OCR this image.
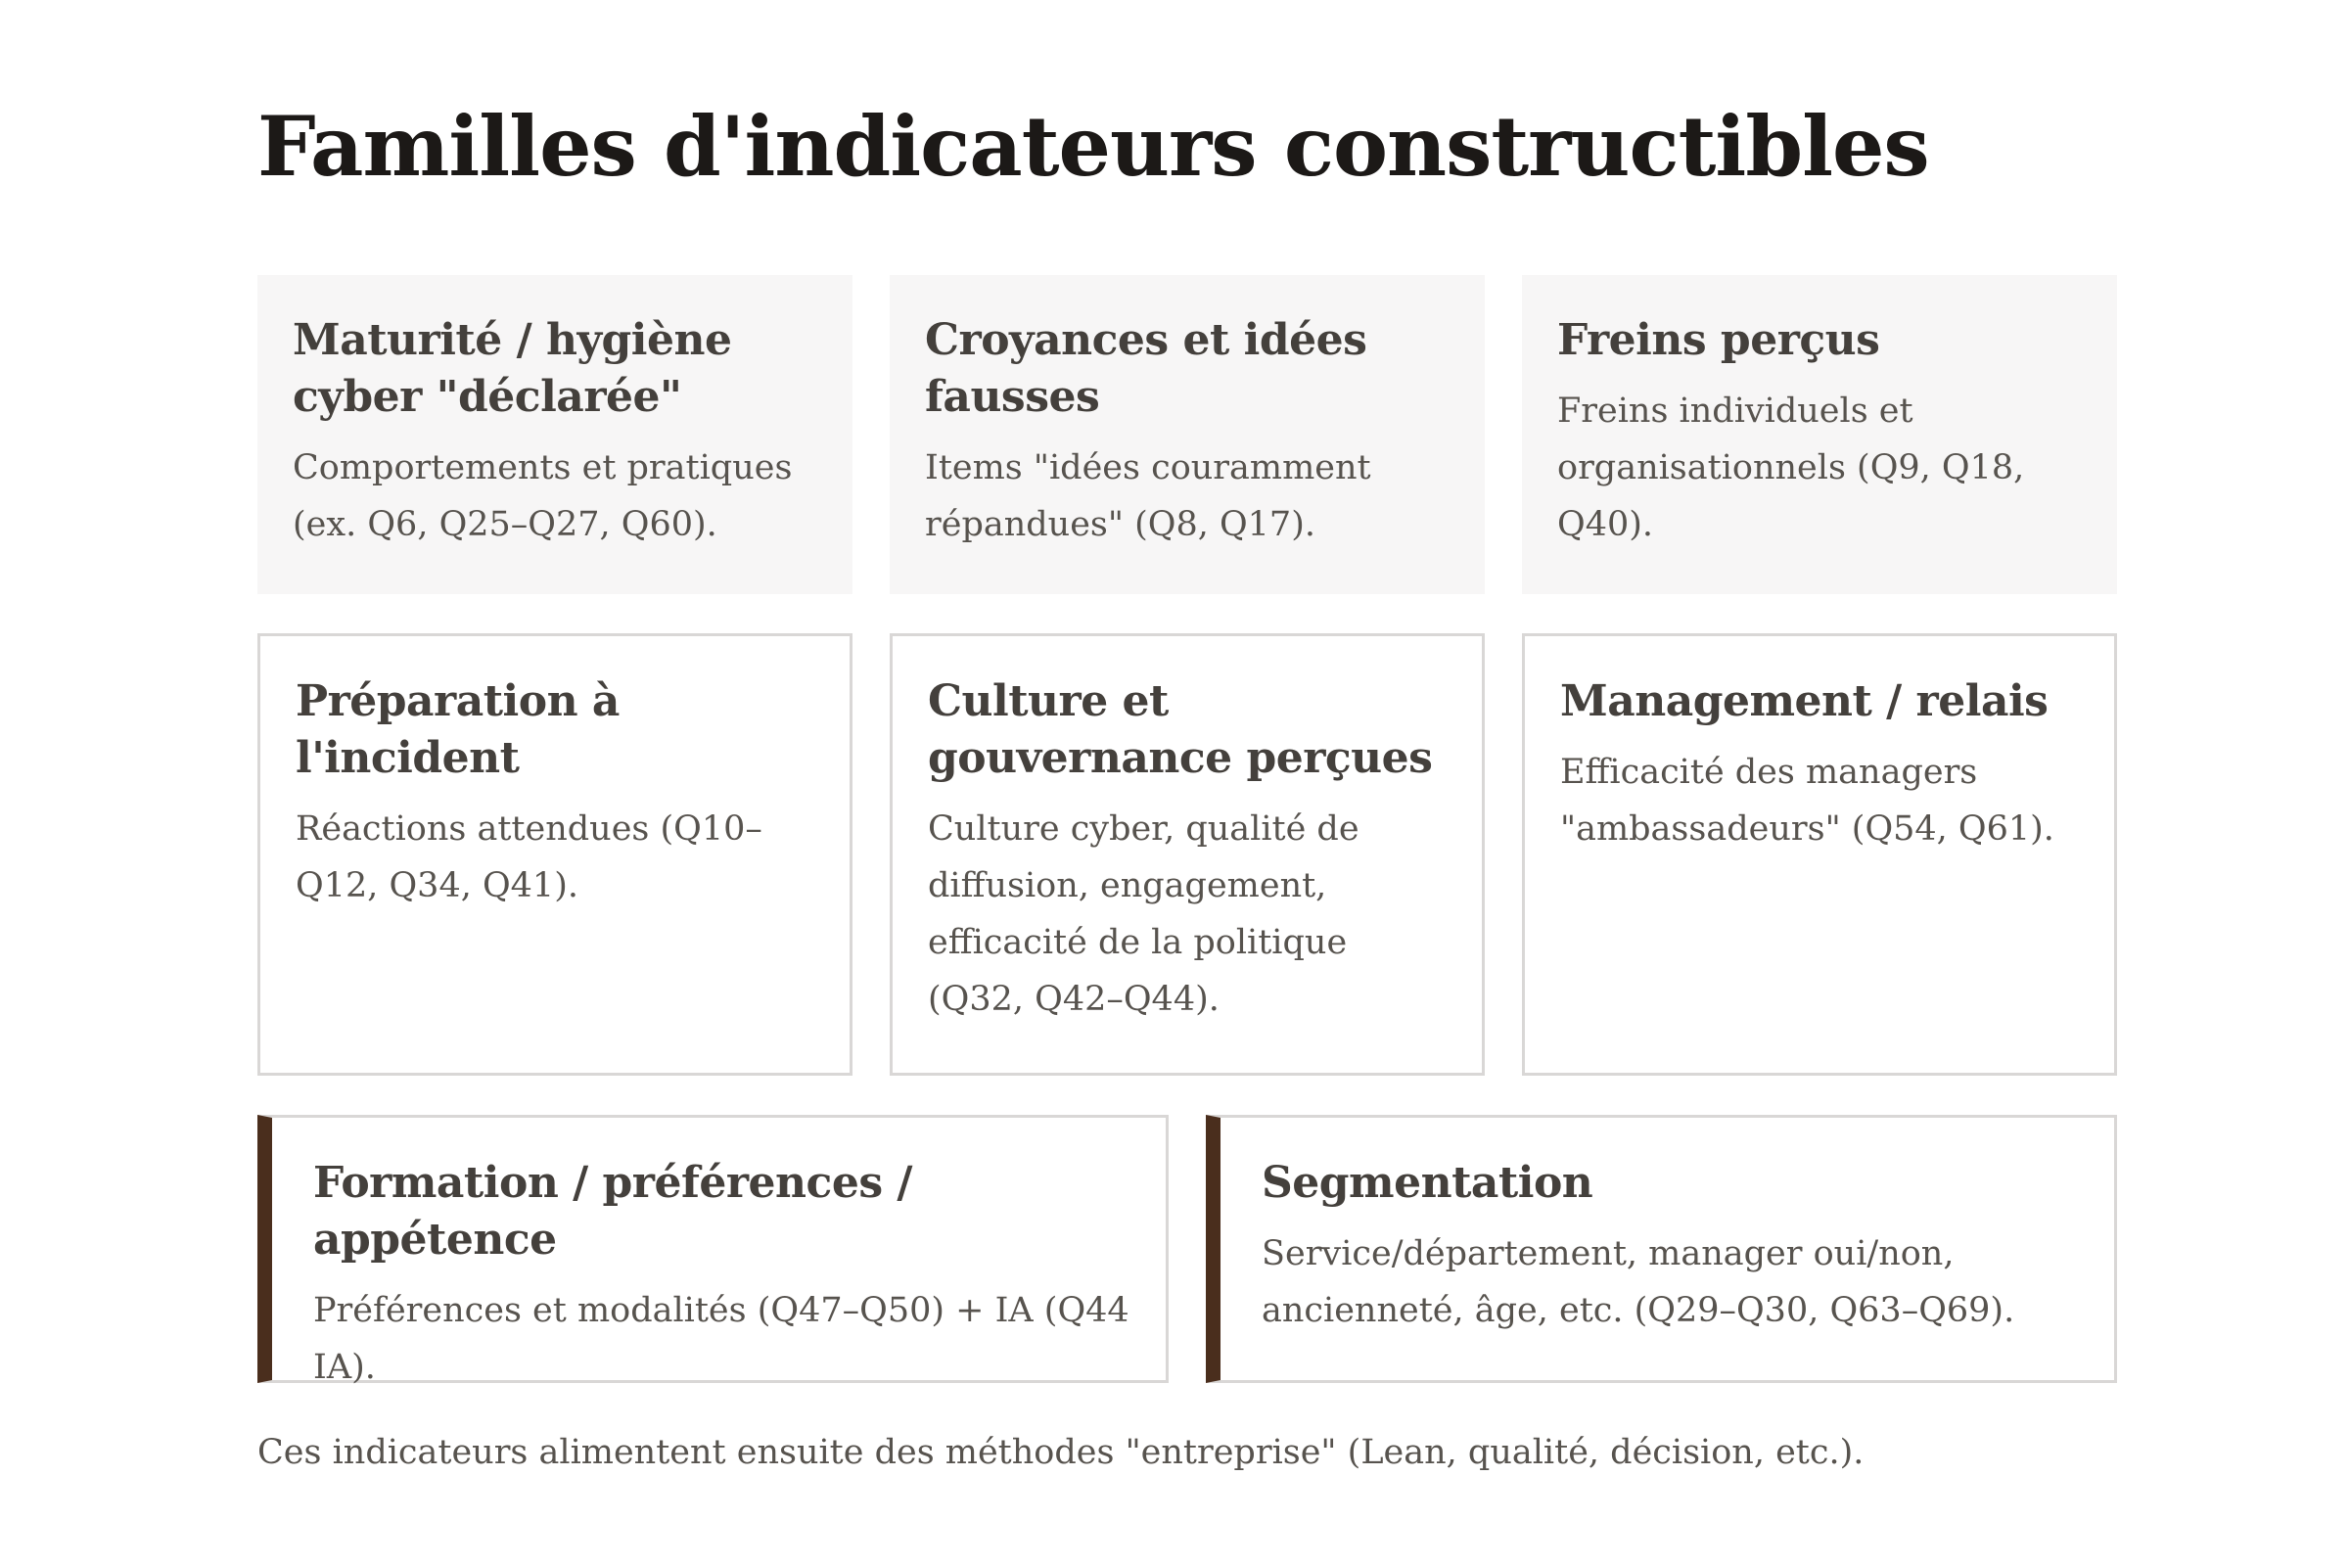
Familles d'indicateurs constructibles
Maturité / hygiène cyber "déclarée"

Comportements et pratiques (ex. Q6, Q25–Q27, Q60).

Croyances et idées fausses

Items "idées couramment répandues" (Q8, Q17).

Freins perçus

Freins individuels et organisationnels (Q9, Q18, Q40).

Préparation à l'incident

Réactions attendues (Q10–Q12, Q34, Q41).

Culture et gouvernance perçues

Culture cyber, qualité de diffusion, engagement, efficacité de la politique (Q32, Q42–Q44).

Management / relais

Efficacité des managers "ambassadeurs" (Q54, Q61).

Formation / préférences / appétence

Préférences et modalités (Q47–Q50) + IA (Q44 IA).

Segmentation

Service/département, manager oui/non, ancienneté, âge, etc. (Q29–Q30, Q63–Q69).

Ces indicateurs alimentent ensuite des méthodes "entreprise" (Lean, qualité, décision, etc.).
